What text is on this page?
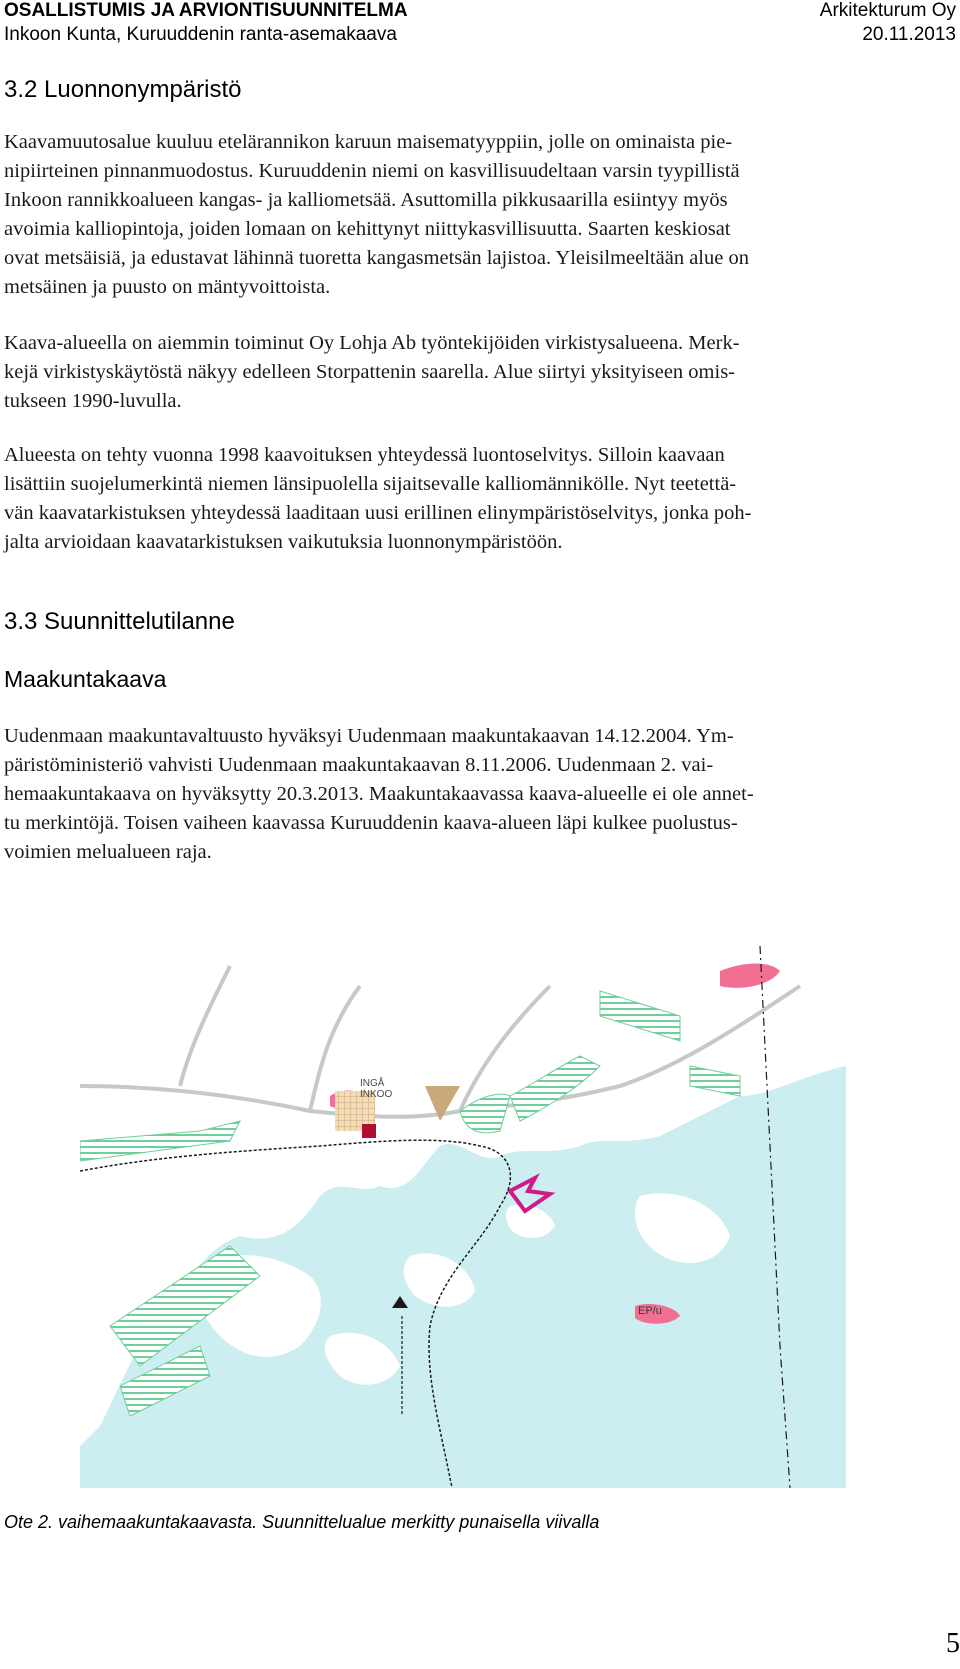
OSALLISTUMIS JA ARVIONTISUUNNITELMA	Arkitekturum Oy
Inkoon Kunta, Kuruuddenin ranta-asemakaava	20.11.2013
3.2 Luonnonympäristö
Kaavamuutosalue kuuluu etelärannikon karuun maisematyyppiin, jolle on ominaista pie-
nipiirteinen pinnanmuodostus. Kuruuddenin niemi on kasvillisuudeltaan varsin tyypillistä
Inkoon rannikkoalueen kangas- ja kalliometsää. Asuttomilla pikkusaarilla esiintyy myös
avoimia kalliopintoja, joiden lomaan on kehittynyt niittykasvillisuutta. Saarten keskiosat
ovat metsäisiä, ja edustavat lähinnä tuoretta kangasmetsän lajistoa. Yleisilmeeltään alue on
metsäinen ja puusto on mäntyvoittoista.
Kaava-alueella on aiemmin toiminut Oy Lohja Ab työntekijöiden virkistysalueena. Merk-
kejä virkistyskäytöstä näkyy edelleen Storpattenin saarella. Alue siirtyi yksityiseen omis-
tukseen 1990-luvulla.
Alueesta on tehty vuonna 1998 kaavoituksen yhteydessä luontoselvitys. Silloin kaavaan
lisättiin suojelumerkintä niemen länsipuolella sijaitsevalle kalliomännikölle. Nyt teetettä-
vän kaavatarkistuksen yhteydessä laaditaan uusi erillinen elinympäristöselvitys, jonka poh-
jalta arvioidaan kaavatarkistuksen vaikutuksia luonnonympäristöön.
3.3 Suunnittelutilanne
Maakuntakaava
Uudenmaan maakuntavaltuusto hyväksyi Uudenmaan maakuntakaavan 14.12.2004. Ym-
päristöministeriö vahvisti Uudenmaan maakuntakaavan 8.11.2006. Uudenmaan 2. vai-
hemaakuntakaava on hyväksytty 20.3.2013. Maakuntakaavassa kaava-alueelle ei ole annet-
tu merkintöjä. Toisen vaiheen kaavassa Kuruuddenin kaava-alueen läpi kulkee puolustus-
voimien melualueen raja.
INGÅ INKOO
EP/u
Ote 2. vaihemaakuntakaavasta. Suunnittelualue merkitty punaisella viivalla
5
